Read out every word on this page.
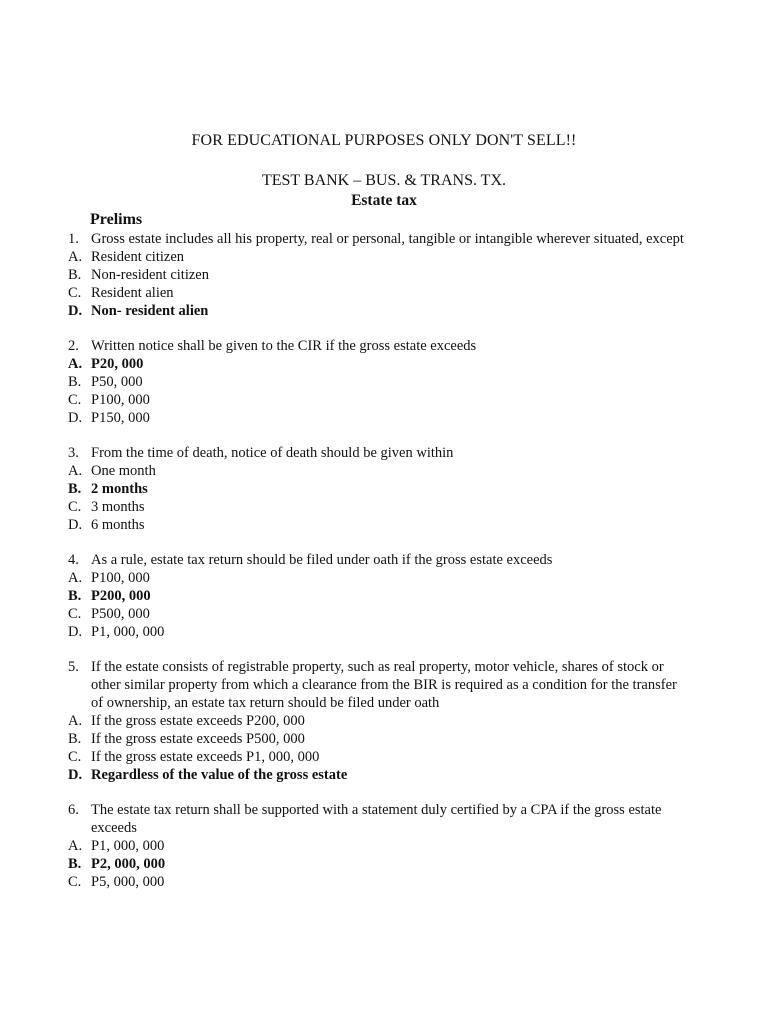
FOR EDUCATIONAL PURPOSES ONLY DON'T SELL!!
TEST BANK – BUS. & TRANS. TX.
Estate tax
Prelims
1. Gross estate includes all his property, real or personal, tangible or intangible wherever situated, except
A. Resident citizen
B. Non-resident citizen
C. Resident alien
D. Non- resident alien
2. Written notice shall be given to the CIR if the gross estate exceeds
A. P20, 000
B. P50, 000
C. P100, 000
D. P150, 000
3. From the time of death, notice of death should be given within
A. One month
B. 2 months
C. 3 months
D. 6 months
4. As a rule, estate tax return should be filed under oath if the gross estate exceeds
A. P100, 000
B. P200, 000
C. P500, 000
D. P1, 000, 000
5. If the estate consists of registrable property, such as real property, motor vehicle, shares of stock or other similar property from which a clearance from the BIR is required as a condition for the transfer of ownership, an estate tax return should be filed under oath
A. If the gross estate exceeds P200, 000
B. If the gross estate exceeds P500, 000
C. If the gross estate exceeds P1, 000, 000
D. Regardless of the value of the gross estate
6. The estate tax return shall be supported with a statement duly certified by a CPA if the gross estate exceeds
A. P1, 000, 000
B. P2, 000, 000
C. P5, 000, 000
